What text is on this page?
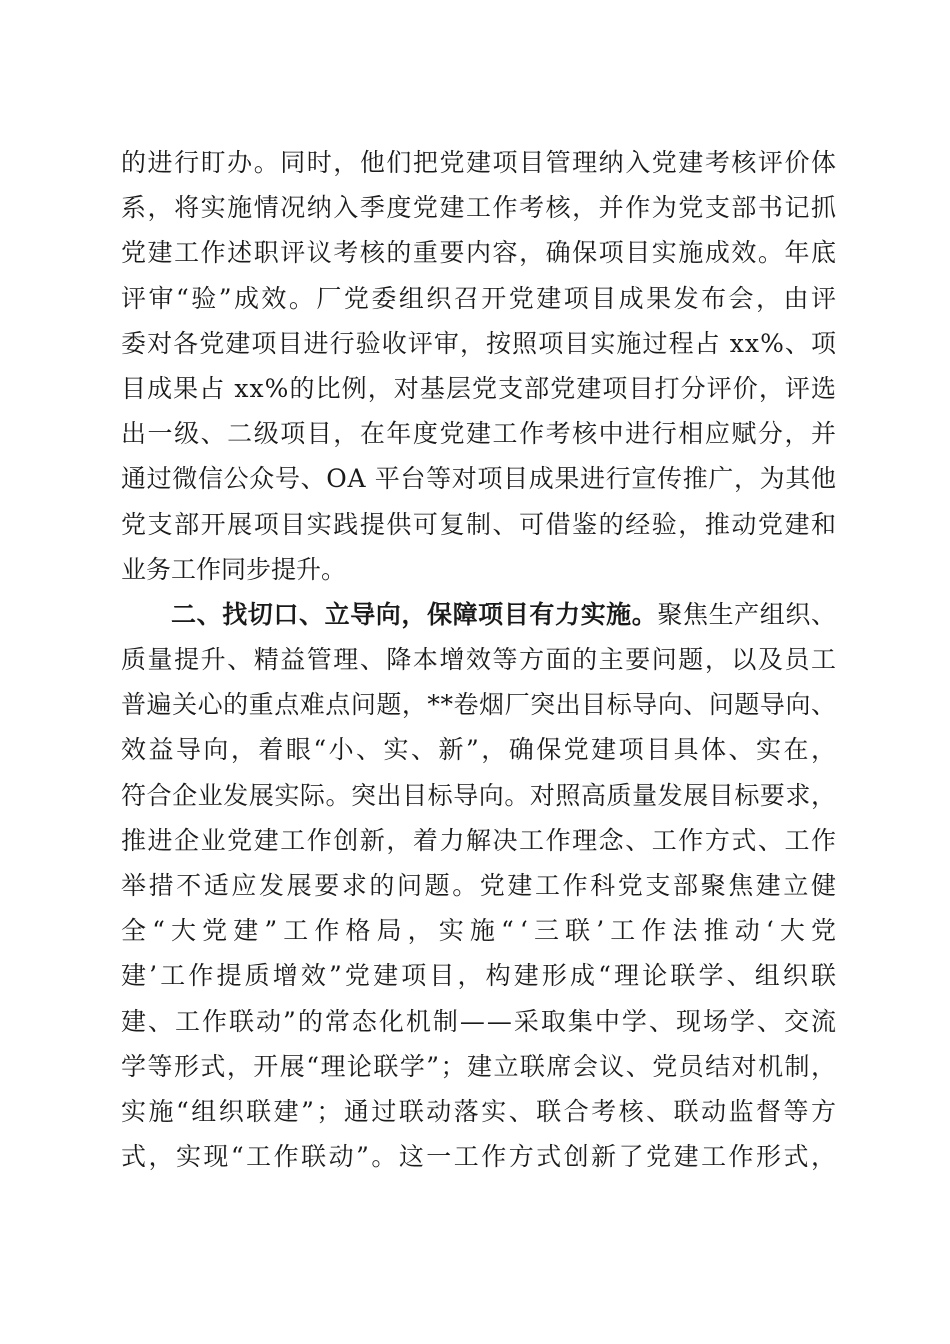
的进行盯办。同时，他们把党建项目管理纳入党建考核评价体
系，将实施情况纳入季度党建工作考核，并作为党支部书记抓
党建工作述职评议考核的重要内容，确保项目实施成效。年底
评审“验”成效。厂党委组织召开党建项目成果发布会，由评
委对各党建项目进行验收评审，按照项目实施过程占 xx%、项
目成果占 xx%的比例，对基层党支部党建项目打分评价，评选
出一级、二级项目，在年度党建工作考核中进行相应赋分，并
通过微信公众号、OA 平台等对项目成果进行宣传推广，为其他
党支部开展项目实践提供可复制、可借鉴的经验，推动党建和
业务工作同步提升。
二、找切口、立导向，保障项目有力实施。聚焦生产组织、
质量提升、精益管理、降本增效等方面的主要问题，以及员工
普遍关心的重点难点问题，**卷烟厂突出目标导向、问题导向、
效益导向，着眼“小、实、新”，确保党建项目具体、实在，
符合企业发展实际。突出目标导向。对照高质量发展目标要求，
推进企业党建工作创新，着力解决工作理念、工作方式、工作
举措不适应发展要求的问题。党建工作科党支部聚焦建立健
全“大党建”工作格局，实施“‘三联’工作法推动‘大党
建’工作提质增效”党建项目，构建形成“理论联学、组织联
建、工作联动”的常态化机制——采取集中学、现场学、交流
学等形式，开展“理论联学”；建立联席会议、党员结对机制，
实施“组织联建”；通过联动落实、联合考核、联动监督等方
式，实现“工作联动”。这一工作方式创新了党建工作形式，
